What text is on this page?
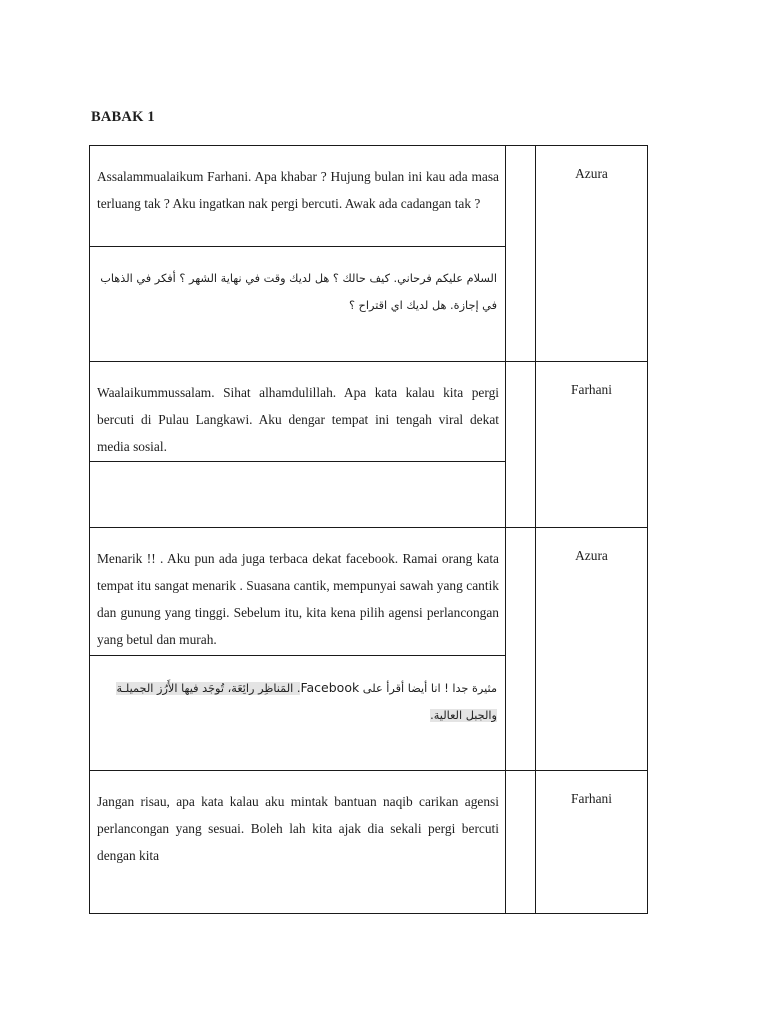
BABAK 1
Assalammualaikum Farhani. Apa khabar ? Hujung bulan ini kau ada masa terluang tak ? Aku ingatkan nak pergi bercuti. Awak ada cadangan tak ?		Azura

السلام عليكم فرحاني. كيف حالك ؟ هل لديك وقت في نهاية الشهر ؟ أفكر في الذهاب في إجازة. هل لديك اي اقتراح ؟		

Waalaikummussalam. Sihat alhamdulillah. Apa kata kalau kita pergi bercuti di Pulau Langkawi. Aku dengar tempat ini tengah viral dekat media sosial.		Farhani

Menarik !! . Aku pun ada juga terbaca dekat facebook. Ramai orang kata tempat itu sangat menarik . Suasana cantik, mempunyai sawah yang cantik dan gunung yang tinggi. Sebelum itu, kita kena pilih agensi perlancongan yang betul dan murah.		Azura

مثيرة جدا ! انا أيضا أقرأ على Facebook. المَناظِر رائِعَة، تُوجَد فيها الأَرُز الجميلـة والجبل العالية.		

Jangan risau, apa kata kalau aku mintak bantuan naqib carikan agensi perlancongan yang sesuai. Boleh lah kita ajak dia sekali pergi bercuti dengan kita		Farhani
